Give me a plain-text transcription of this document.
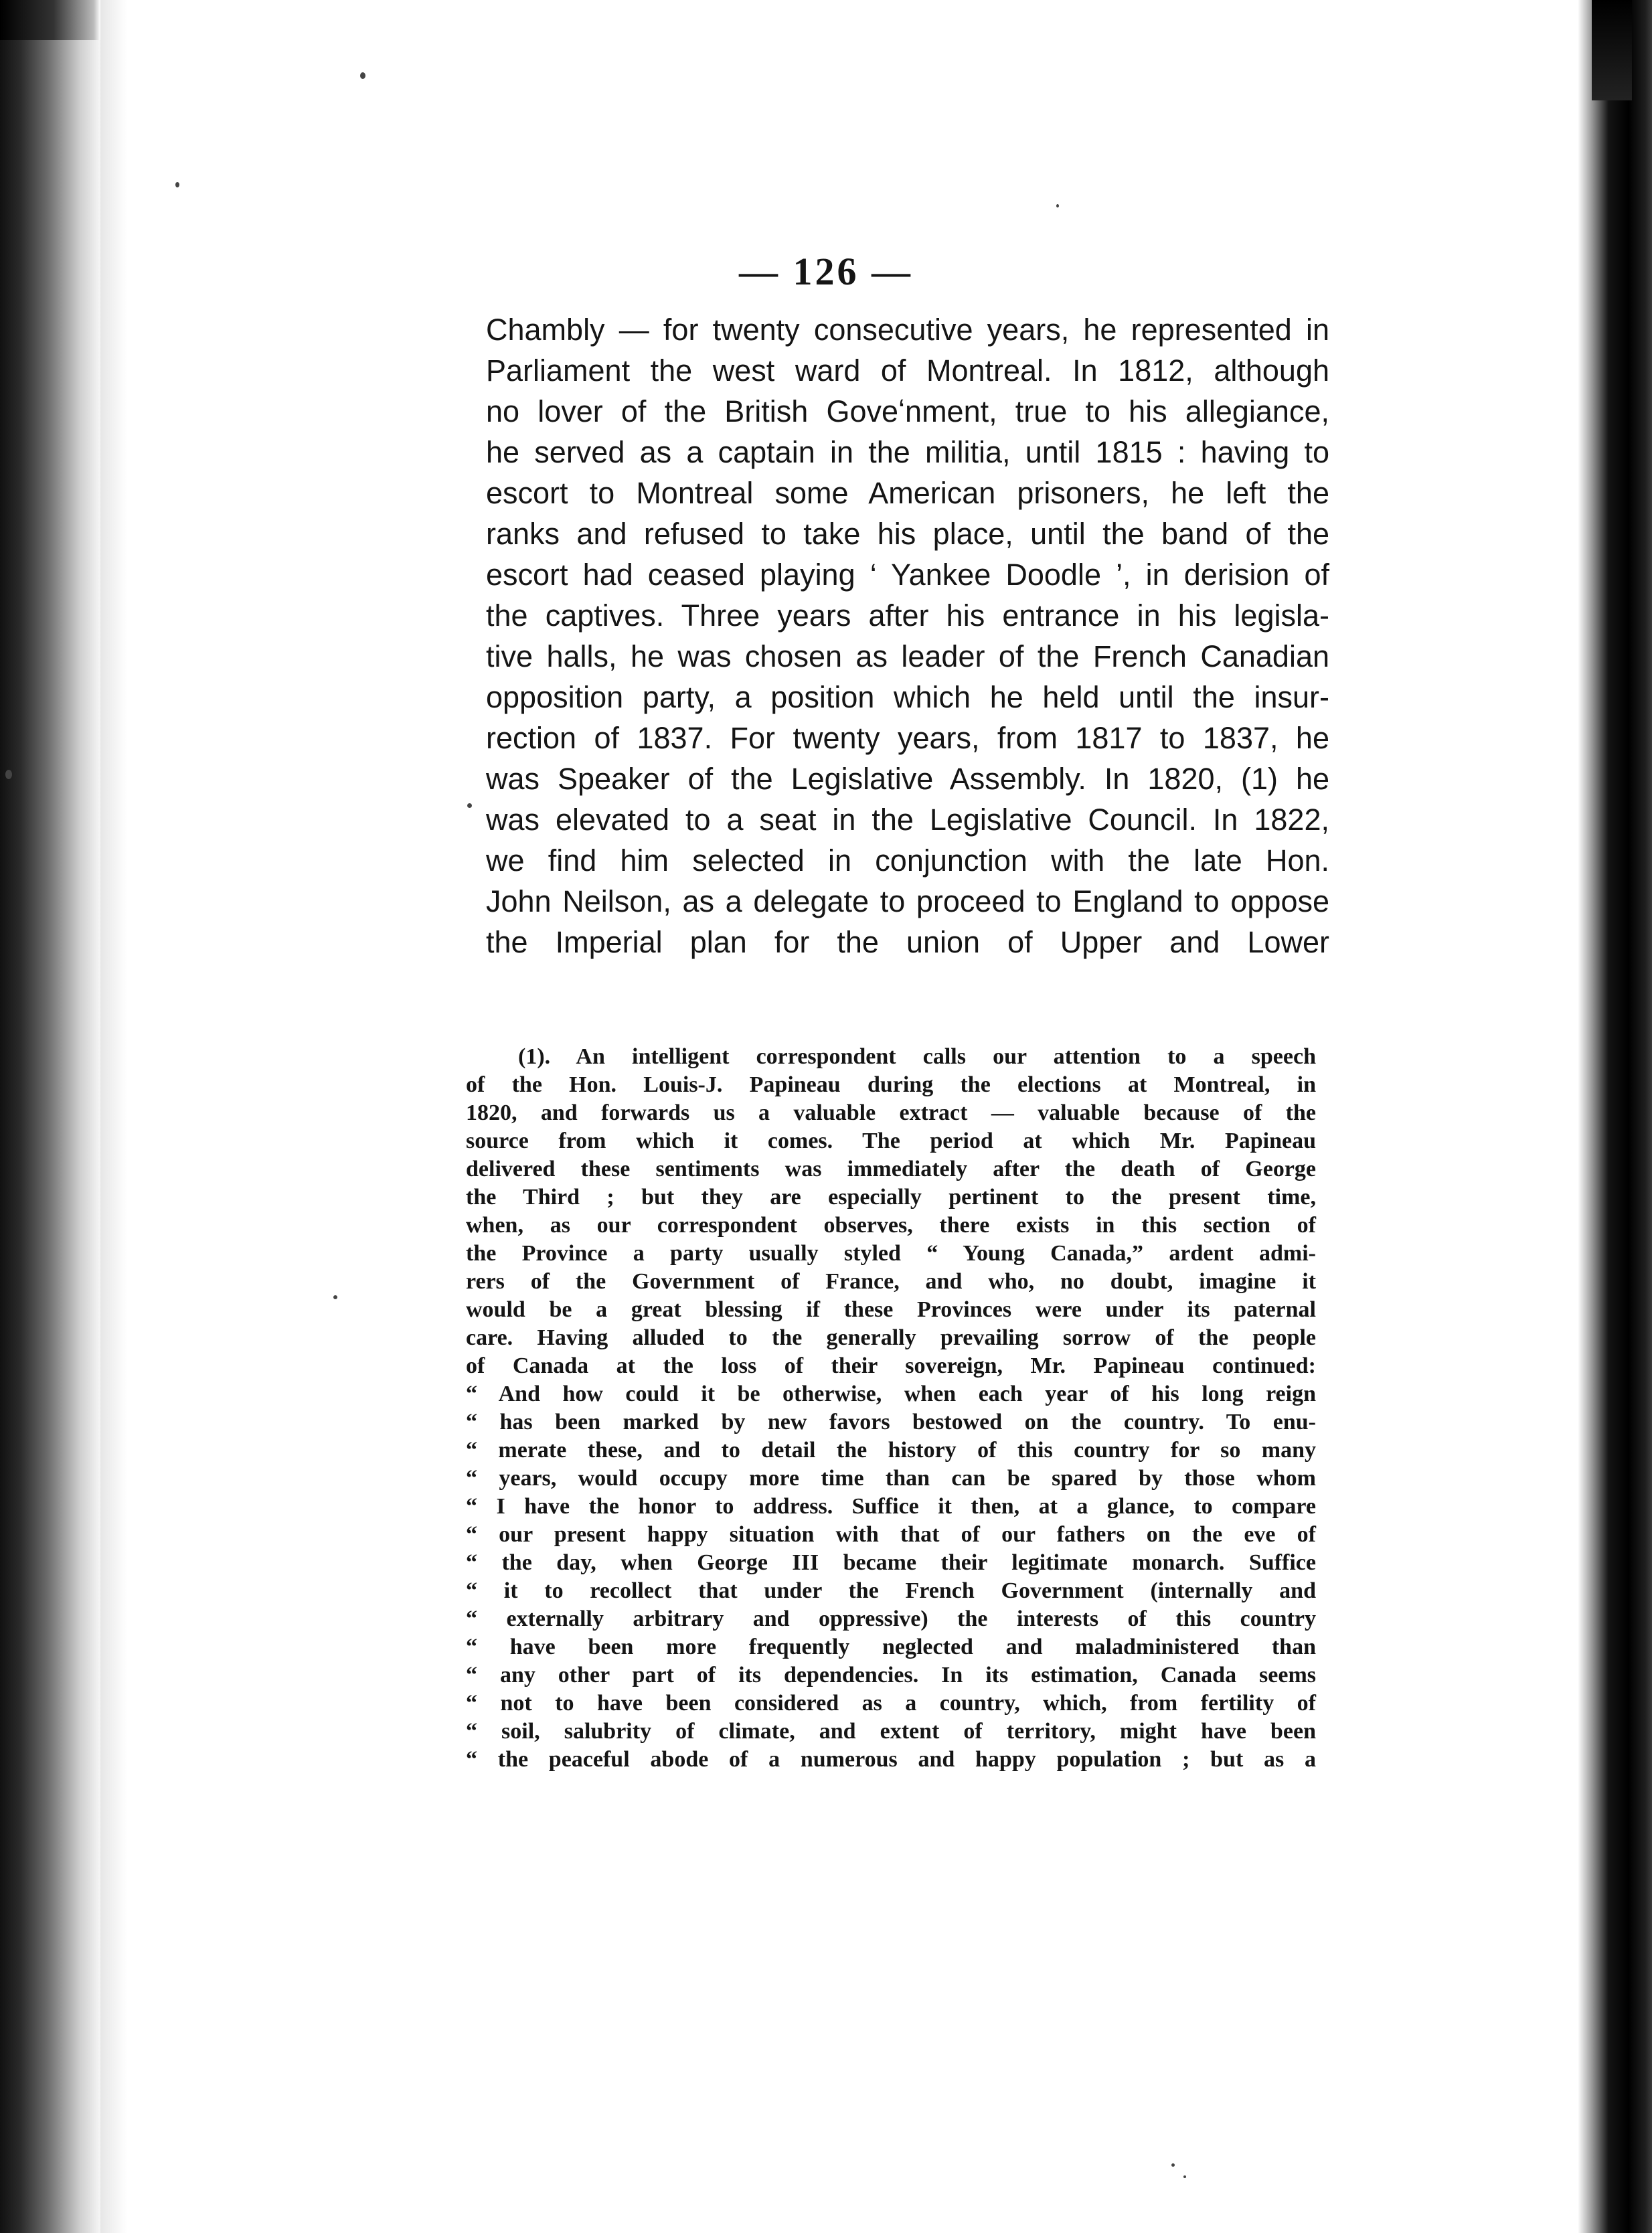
— 126 —
Chambly — for twenty consecutive years, he represented in
Parliament the west ward of Montreal. In 1812, although
no lover of the British Goveʻnment, true to his allegiance,
he served as a captain in the militia, until 1815 : having to
escort to Montreal some American prisoners, he left the
ranks and refused to take his place, until the band of the
escort had ceased playing ‘ Yankee Doodle ’, in derision of
the captives. Three years after his entrance in his legisla-
tive halls, he was chosen as leader of the French Canadian
opposition party, a position which he held until the insur-
rection of 1837. For twenty years, from 1817 to 1837, he
was Speaker of the Legislative Assembly. In 1820, (1) he
was elevated to a seat in the Legislative Council. In 1822,
we find him selected in conjunction with the late Hon.
John Neilson, as a delegate to proceed to England to oppose
the Imperial plan for the union of Upper and Lower
(1). An intelligent correspondent calls our attention to a speech
of the Hon. Louis-J. Papineau during the elections at Montreal, in
1820, and forwards us a valuable extract — valuable because of the
source from which it comes. The period at which Mr. Papineau
delivered these sentiments was immediately after the death of George
the Third ; but they are especially pertinent to the present time,
when, as our correspondent observes, there exists in this section of
the Province a party usually styled “ Young Canada,” ardent admi-
rers of the Government of France, and who, no doubt, imagine it
would be a great blessing if these Provinces were under its paternal
care. Having alluded to the generally prevailing sorrow of the people
of Canada at the loss of their sovereign, Mr. Papineau continued:
“ And how could it be otherwise, when each year of his long reign
“ has been marked by new favors bestowed on the country. To enu-
“ merate these, and to detail the history of this country for so many
“ years, would occupy more time than can be spared by those whom
“ I have the honor to address. Suffice it then, at a glance, to compare
“ our present happy situation with that of our fathers on the eve of
“ the day, when George III became their legitimate monarch. Suffice
“ it to recollect that under the French Government (internally and
“ externally arbitrary and oppressive) the interests of this country
“ have been more frequently neglected and maladministered than
“ any other part of its dependencies. In its estimation, Canada seems
“ not to have been considered as a country, which, from fertility of
“ soil, salubrity of climate, and extent of territory, might have been
“ the peaceful abode of a numerous and happy population ; but as a
